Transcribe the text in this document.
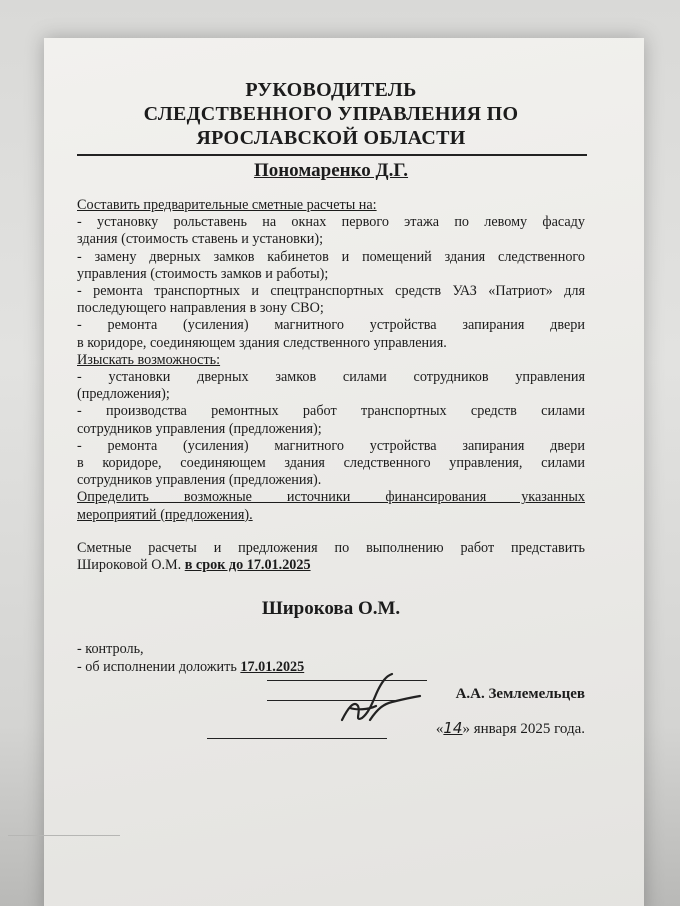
РУКОВОДИТЕЛЬ
СЛЕДСТВЕННОГО УПРАВЛЕНИЯ ПО
ЯРОСЛАВСКОЙ ОБЛАСТИ
Пономаренко Д.Г.
Составить предварительные сметные расчеты на:
- установку рольставень на окнах первого этажа по левому фасаду
здания (стоимость ставень и установки);
- замену дверных замков кабинетов и помещений здания следственного
управления (стоимость замков и работы);
- ремонта транспортных и спецтранспортных средств УАЗ «Патриот» для
последующего направления в зону СВО;
- ремонта (усиления) магнитного устройства запирания двери
в коридоре, соединяющем здания следственного управления.
Изыскать возможность:
- установки дверных замков силами сотрудников управления
(предложения);
- производства ремонтных работ транспортных средств силами
сотрудников управления (предложения);
- ремонта (усиления) магнитного устройства запирания двери
в коридоре, соединяющем здания следственного управления, силами
сотрудников управления (предложения).
Определить возможные источники финансирования указанных
мероприятий (предложения).
Сметные расчеты и предложения по выполнению работ представить
Широковой О.М. в срок до 17.01.2025
Широкова О.М.
- контроль,
- об исполнении доложить 17.01.2025
А.А. Землемельцев
«14» января 2025 года.
